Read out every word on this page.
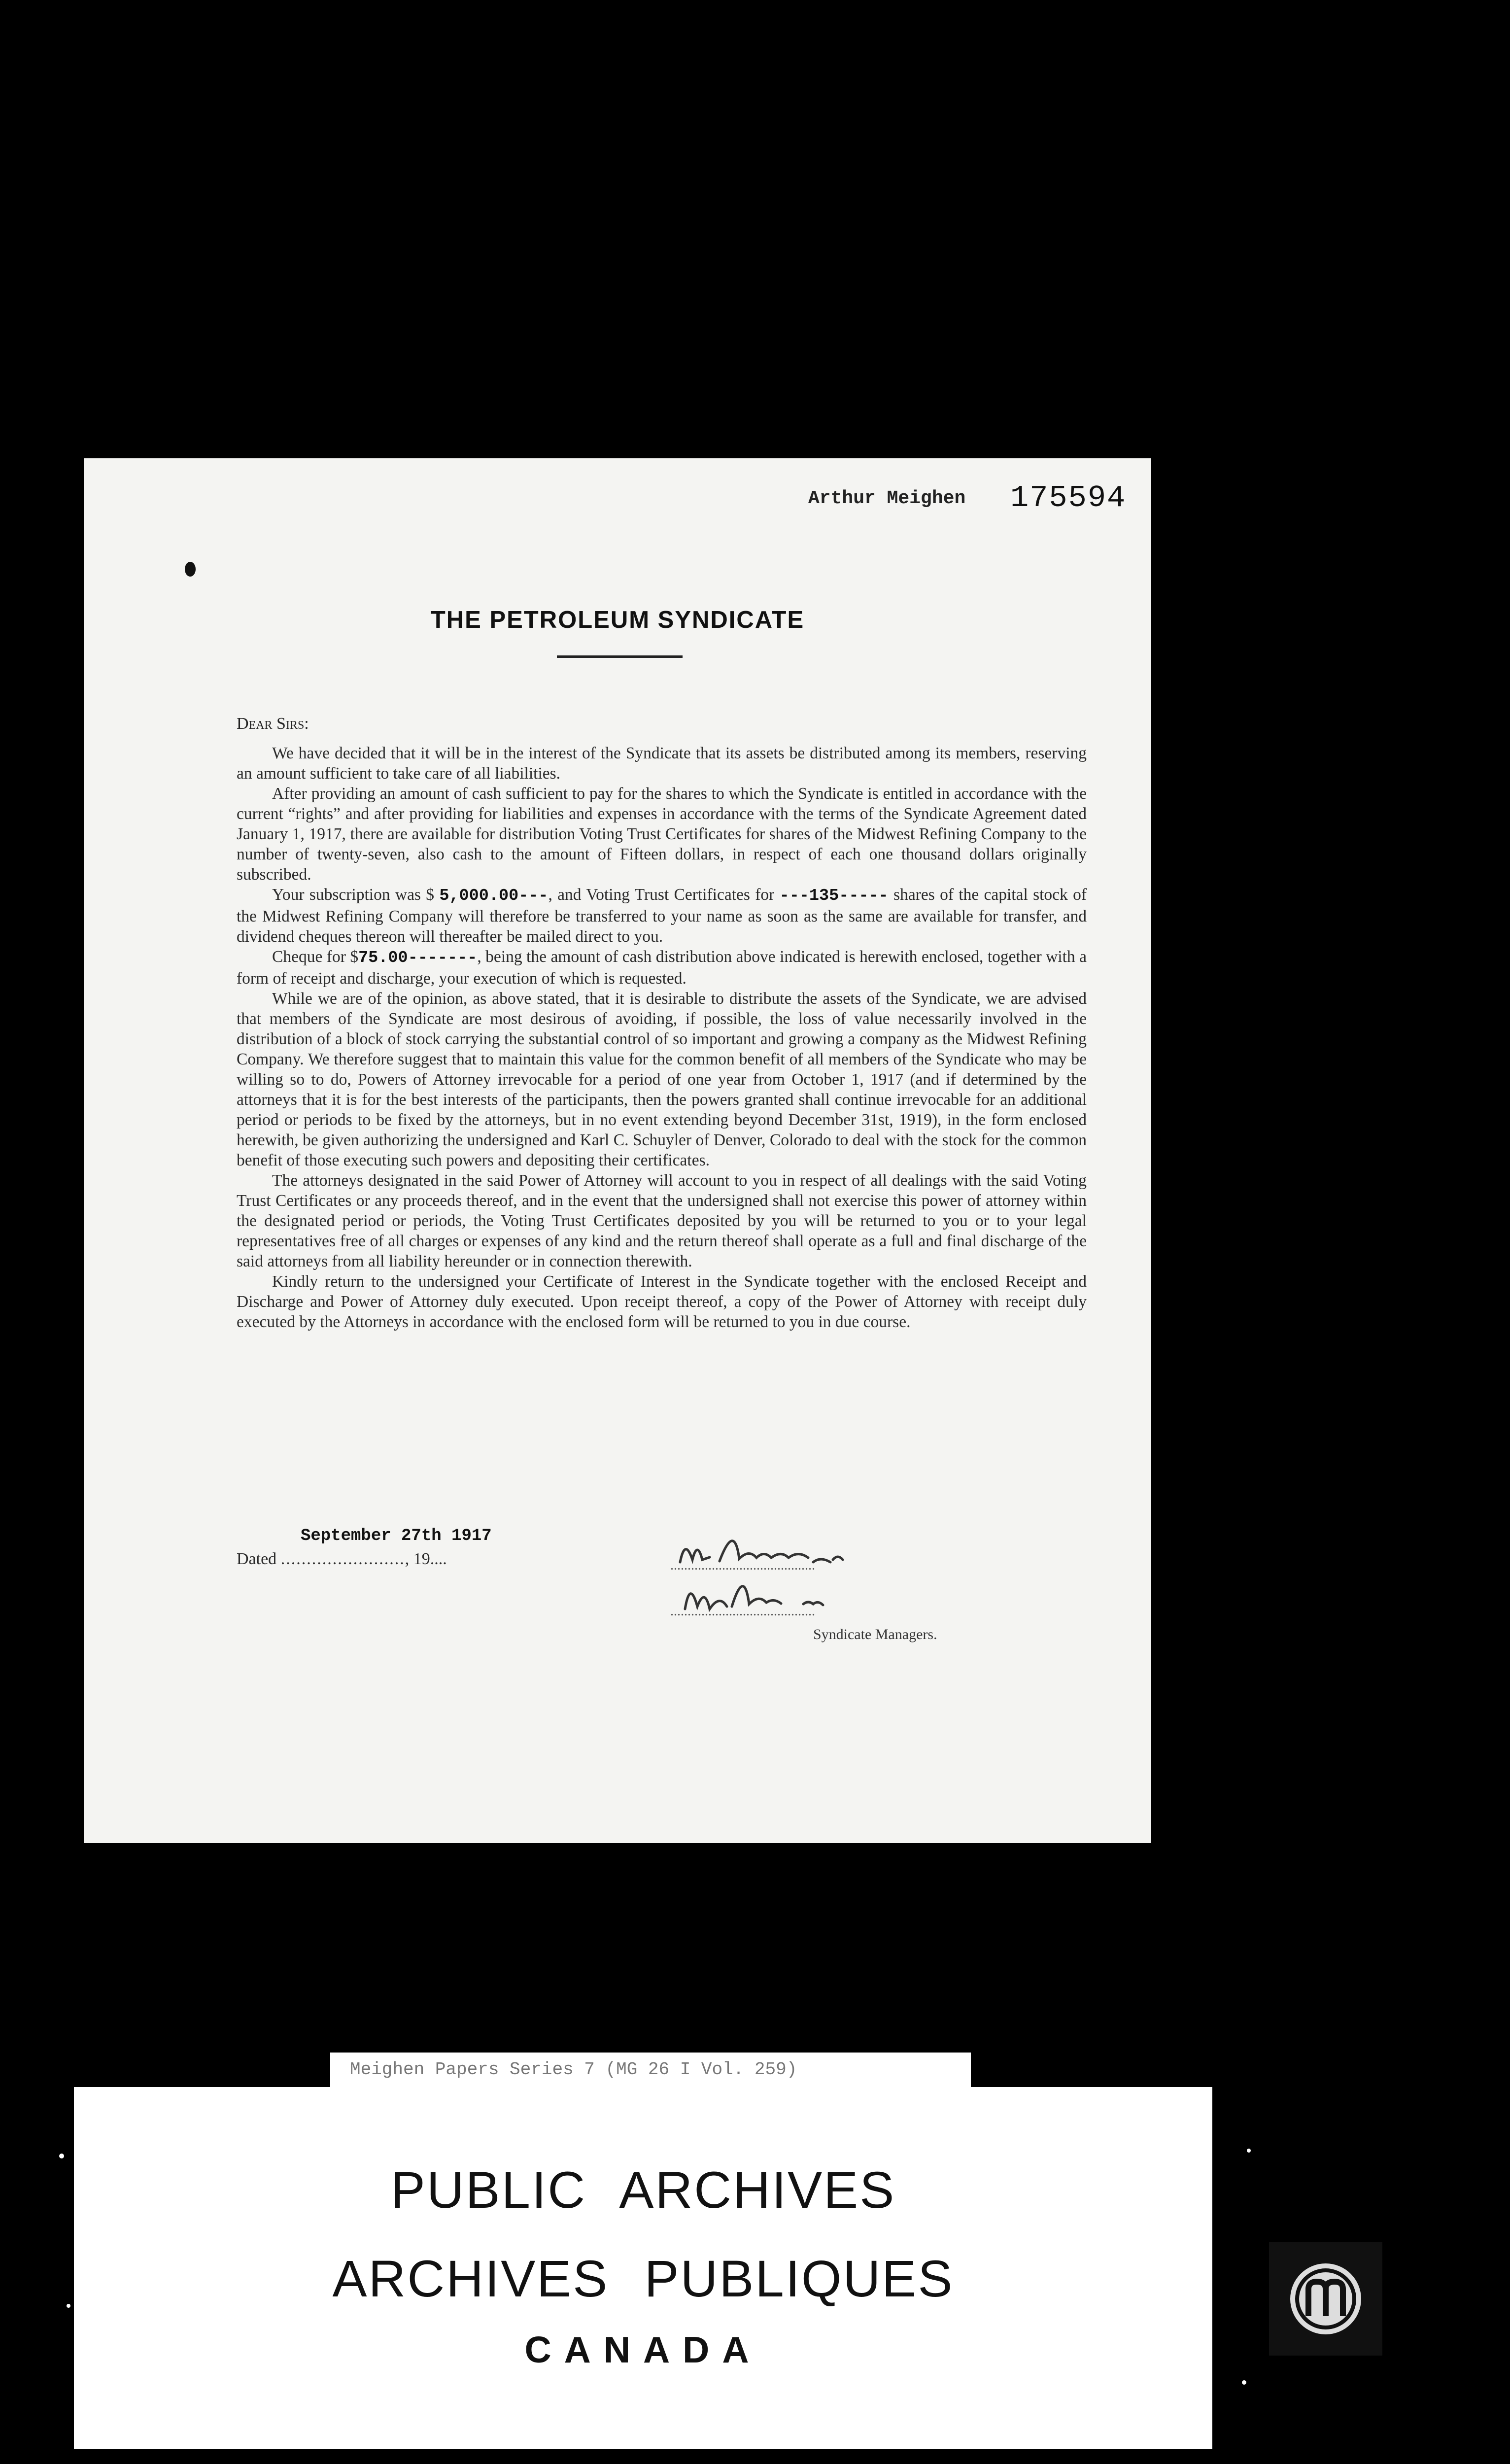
Arthur Meighen 175594
THE PETROLEUM SYNDICATE
Dear Sirs:

We have decided that it will be in the interest of the Syndicate that its assets be distributed among its members, reserving an amount sufficient to take care of all liabilities.

After providing an amount of cash sufficient to pay for the shares to which the Syndicate is entitled in accordance with the current “rights” and after providing for liabilities and expenses in accordance with the terms of the Syndicate Agreement dated January 1, 1917, there are available for distribution Voting Trust Certificates for shares of the Midwest Refining Company to the number of twenty-seven, also cash to the amount of Fifteen dollars, in respect of each one thousand dollars originally subscribed.

Your subscription was $ 5,000.00---, and Voting Trust Certificates for ---135----- shares of the capital stock of the Midwest Refining Company will therefore be transferred to your name as soon as the same are available for transfer, and dividend cheques thereon will thereafter be mailed direct to you.

Cheque for $75.00-------, being the amount of cash distribution above indicated is herewith enclosed, together with a form of receipt and discharge, your execution of which is requested.

While we are of the opinion, as above stated, that it is desirable to distribute the assets of the Syndicate, we are advised that members of the Syndicate are most desirous of avoiding, if possible, the loss of value necessarily involved in the distribution of a block of stock carrying the substantial control of so important and growing a company as the Midwest Refining Company. We therefore suggest that to maintain this value for the common benefit of all members of the Syndicate who may be willing so to do, Powers of Attorney irrevocable for a period of one year from October 1, 1917 (and if determined by the attorneys that it is for the best interests of the participants, then the powers granted shall continue irrevocable for an additional period or periods to be fixed by the attorneys, but in no event extending beyond December 31st, 1919), in the form enclosed herewith, be given authorizing the undersigned and Karl C. Schuyler of Denver, Colorado to deal with the stock for the common benefit of those executing such powers and depositing their certificates.

The attorneys designated in the said Power of Attorney will account to you in respect of all dealings with the said Voting Trust Certificates or any proceeds thereof, and in the event that the undersigned shall not exercise this power of attorney within the designated period or periods, the Voting Trust Certificates deposited by you will be returned to you or to your legal representatives free of all charges or expenses of any kind and the return thereof shall operate as a full and final discharge of the said attorneys from all liability hereunder or in connection therewith.

Kindly return to the undersigned your Certificate of Interest in the Syndicate together with the enclosed Receipt and Discharge and Power of Attorney duly executed. Upon receipt thereof, a copy of the Power of Attorney with receipt duly executed by the Attorneys in accordance with the enclosed form will be returned to you in due course.

September 27th 1917
Dated ........................, 19....	..........................................
..........................................
Syndicate Managers.
Meighen Papers Series 7 (MG 26 I Vol. 259)
PUBLIC ARCHIVES
ARCHIVES PUBLIQUES
CANADA
